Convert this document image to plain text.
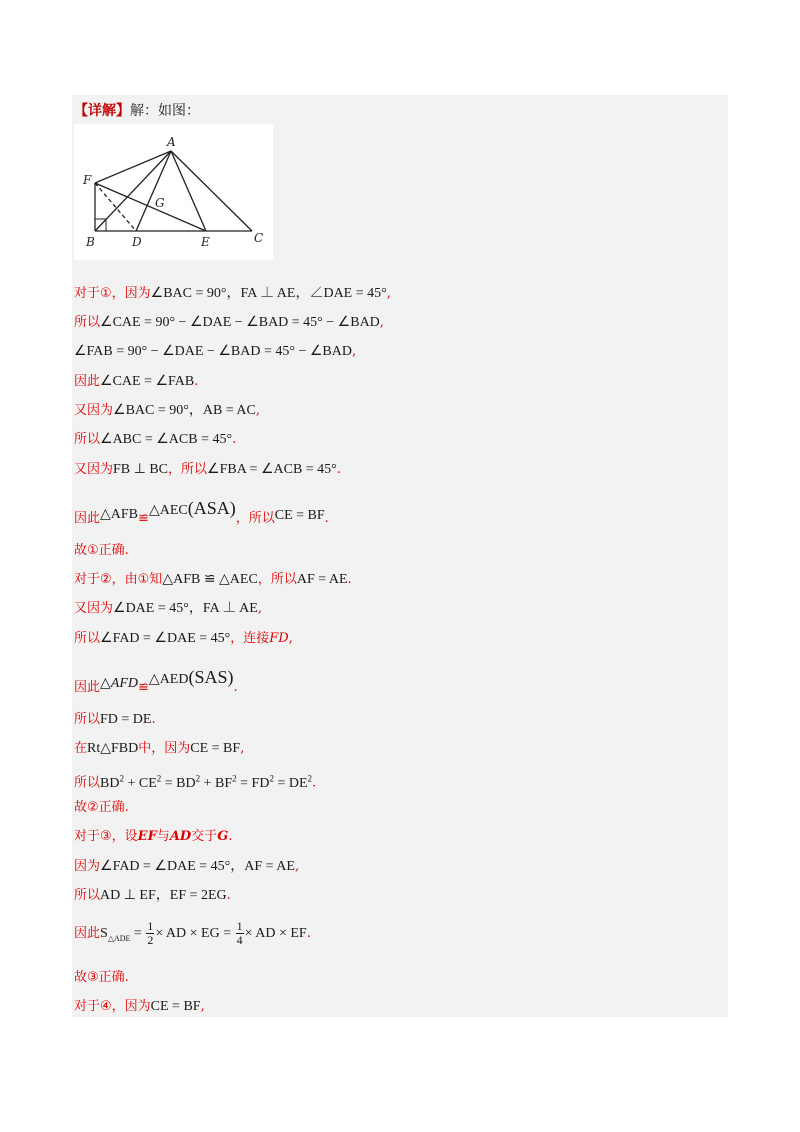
【详解】解：如图：
A
F
G
B	D	E	C
对于①，因为∠BAC = 90°，FA ⊥ AE，∠DAE = 45°,
所以∠CAE = 90° − ∠DAE − ∠BAD = 45° − ∠BAD,
∠FAB = 90° − ∠DAE − ∠BAD = 45° − ∠BAD,
因此∠CAE = ∠FAB.
又因为∠BAC = 90°，AB = AC,
所以∠ABC = ∠ACB = 45°.
又因为FB ⊥ BC，所以∠FBA = ∠ACB = 45°.
因此△AFB≌△AEC(ASA)，所以CE = BF.
故①正确.
对于②，由①知△AFB ≌ △AEC，所以AF = AE.
又因为∠DAE = 45°，FA ⊥ AE,
所以∠FAD = ∠DAE = 45°，连接FD,
因此△AFD≌△AED(SAS).
所以FD = DE.
在Rt△FBD中，因为CE = BF,
所以$BD^2 + CE^2 = BD^2 + BF^2 = FD^2 = DE^2$.
故②正确.
对于③，设EF与AD交于G.
因为∠FAD = ∠DAE = 45°，AF = AE,
所以AD ⊥ EF，EF = 2EG.
因此$S_{\triangle ADE} = \frac{1}{2}$ × AD × EG = $\frac{1}{4}$ × AD × EF.
故③正确.
对于④，因为CE = BF,
